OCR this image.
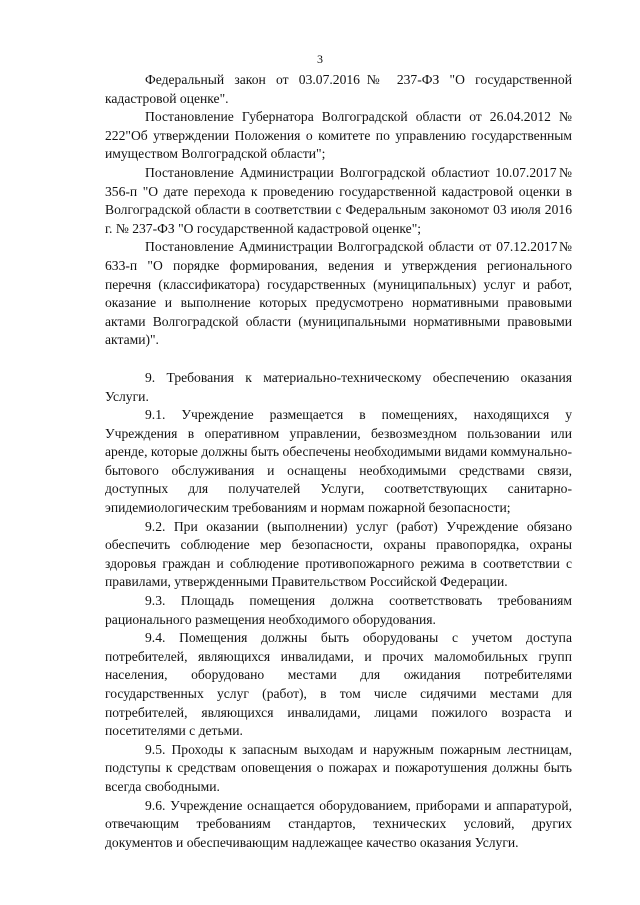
3

Федеральный закон от 03.07.2016№ 237-ФЗ "О государственной кадастровой оценке".

Постановление Губернатора Волгоградской области от 26.04.2012 № 222"Об утверждении Положения о комитете по управлению государственным имуществом Волгоградской области";

Постановление Администрации Волгоградской областиот 10.07.2017№ 356-п "О дате перехода к проведению государственной кадастровой оценки в Волгоградской области в соответствии с Федеральным закономот 03 июля 2016 г. № 237-ФЗ "О государственной кадастровой оценке";

Постановление Администрации Волгоградской области от 07.12.2017№ 633-п "О порядке формирования, ведения и утверждения регионального перечня (классификатора) государственных (муниципальных) услуг и работ, оказание и выполнение которых предусмотрено нормативными правовыми актами Волгоградской области (муниципальными нормативными правовыми актами)".

9. Требования к материально-техническому обеспечению оказания Услуги.

9.1. Учреждение размещается в помещениях, находящихся у Учреждения в оперативном управлении, безвозмездном пользовании или аренде, которые должны быть обеспечены необходимыми видами коммунально-бытового обслуживания и оснащены необходимыми средствами связи, доступных для получателей Услуги, соответствующих санитарно-эпидемиологическим требованиям и нормам пожарной безопасности;

9.2. При оказании (выполнении) услуг (работ) Учреждение обязано обеспечить соблюдение мер безопасности, охраны правопорядка, охраны здоровья граждан и соблюдение противопожарного режима в соответствии с правилами, утвержденными Правительством Российской Федерации.

9.3. Площадь помещения должна соответствовать требованиям рационального размещения необходимого оборудования.

9.4. Помещения должны быть оборудованы с учетом доступа потребителей, являющихся инвалидами, и прочих маломобильных групп населения, оборудовано местами для ожидания потребителями государственных услуг (работ), в том числе сидячими местами для потребителей, являющихся инвалидами, лицами пожилого возраста и посетителями с детьми.

9.5. Проходы к запасным выходам и наружным пожарным лестницам, подступы к средствам оповещения о пожарах и пожаротушения должны быть всегда свободными.

9.6. Учреждение оснащается оборудованием, приборами и аппаратурой, отвечающим требованиям стандартов, технических условий, других документов и обеспечивающим надлежащее качество оказания Услуги.
